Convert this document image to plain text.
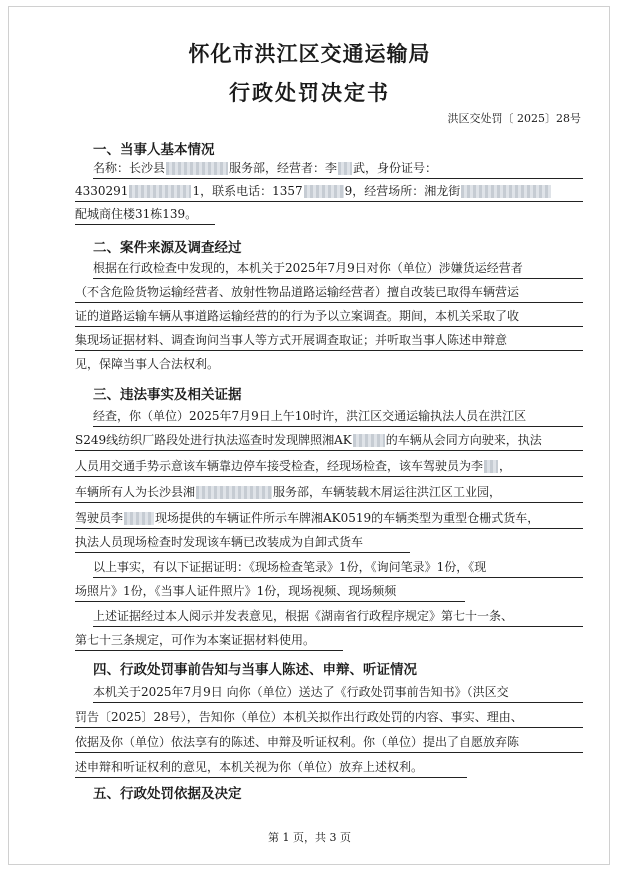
怀化市洪江区交通运输局
行政处罚决定书
洪区交处罚〔 2025〕28号
一、当事人基本情况
名称：长沙县	服务部，经营者：李 武，身份证号：
4330291	1，联系电话：1357	9，经营场所：湘龙街
配城商住楼31栋139。
二、案件来源及调查经过
根据在行政检查中发现的，本机关于2025年7月9日对你（单位）涉嫌货运经营者
（不含危险货物运输经营者、放射性物品道路运输经营者）擅自改装已取得车辆营运
证的道路运输车辆从事道路运输经营的的行为予以立案调查。期间，本机关采取了收
集现场证据材料、调查询问当事人等方式开展调查取证；并听取当事人陈述申辩意
见，保障当事人合法权利。
三、违法事实及相关证据
经查，你（单位）2025年7月9日上午10时许，洪江区交通运输执法人员在洪江区
S249线纺织厂路段处进行执法巡查时发现牌照湘AK	的车辆从会同方向驶来，执法
人员用交通手势示意该车辆靠边停车接受检查，经现场检查，该车驾驶员为李 ，
车辆所有人为长沙县湘	服务部，车辆装载木屑运往洪江区工业园，
驾驶员李	现场提供的车辆证件所示车牌湘AK0519的车辆类型为重型仓栅式货车，
执法人员现场检查时发现该车辆已改装成为自卸式货车
以上事实，有以下证据证明：《现场检查笔录》1份，《询问笔录》1份，《现
场照片》1份，《当事人证件照片》1份，现场视频、现场频频
上述证据经过本人阅示并发表意见，根据《湖南省行政程序规定》第七十一条、
第七十三条规定，可作为本案证据材料使用。
四、行政处罚事前告知与当事人陈述、申辩、听证情况
本机关于2025年7月9日 向你（单位）送达了《行政处罚事前告知书》（洪区交
罚告〔2025〕28号），告知你（单位）本机关拟作出行政处罚的内容、事实、理由、
依据及你（单位）依法享有的陈述、申辩及听证权利。你（单位）提出了自愿放弃陈
述申辩和听证权利的意见，本机关视为你（单位）放弃上述权利。
五、行政处罚依据及决定
第 1 页，共 3 页
